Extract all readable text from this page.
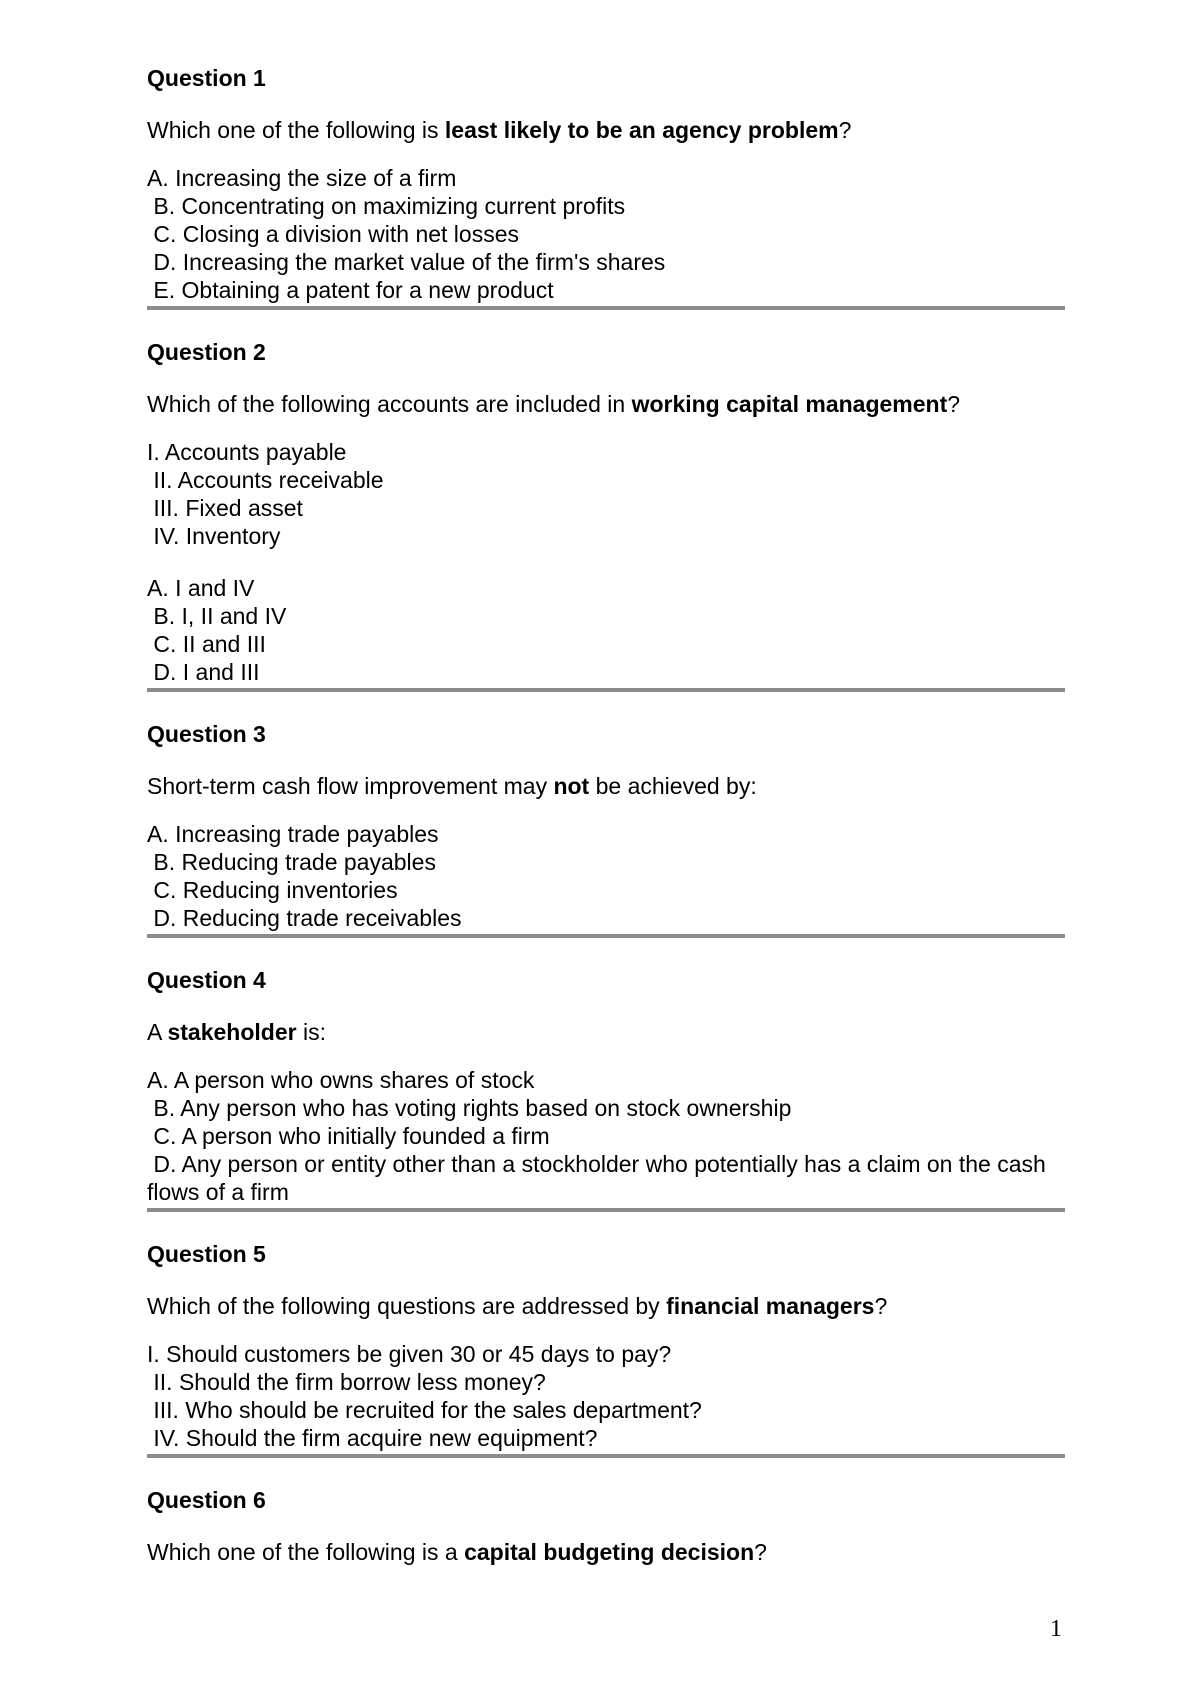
Question 1

Which one of the following is least likely to be an agency problem?

A. Increasing the size of a firm
B. Concentrating on maximizing current profits
C. Closing a division with net losses
D. Increasing the market value of the firm's shares
E. Obtaining a patent for a new product

Question 2

Which of the following accounts are included in working capital management?

I. Accounts payable
II. Accounts receivable
III. Fixed asset
IV. Inventory
A. I and IV
B. I, II and IV
C. II and III
D. I and III

Question 3

Short-term cash flow improvement may not be achieved by:

A. Increasing trade payables
B. Reducing trade payables
C. Reducing inventories
D. Reducing trade receivables

Question 4

A stakeholder is:

A. A person who owns shares of stock
B. Any person who has voting rights based on stock ownership
C. A person who initially founded a firm
D. Any person or entity other than a stockholder who potentially has a claim on the cash flows of a firm

Question 5

Which of the following questions are addressed by financial managers?

I. Should customers be given 30 or 45 days to pay?
II. Should the firm borrow less money?
III. Who should be recruited for the sales department?
IV. Should the firm acquire new equipment?

Question 6

Which one of the following is a capital budgeting decision?

1
